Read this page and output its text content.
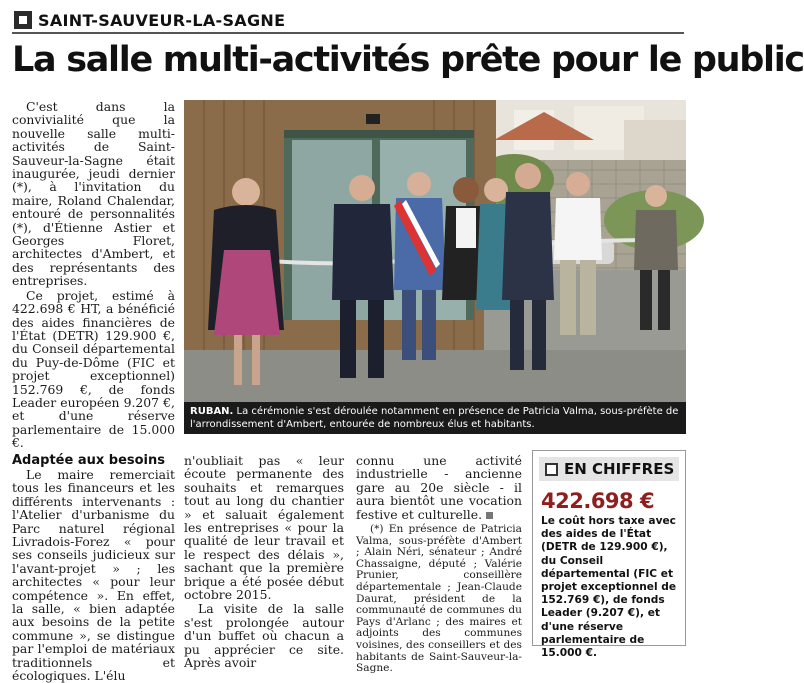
SAINT-SAUVEUR-LA-SAGNE
La salle multi-activités prête pour le public

C'est dans la convivialité que la nouvelle salle multi-activités de Saint-Sauveur-la-Sagne était inaugurée, jeudi dernier (*), à l'invitation du maire, Roland Chalendar, entouré de personnalités (*), d'Étienne Astier et Georges Floret, architectes d'Ambert, et des représentants des entreprises.

Ce projet, estimé à 422.698 € HT, a bénéficié des aides financières de l'État (DETR) 129.900 €, du Conseil départemental du Puy-de-Dôme (FIC et projet exceptionnel) 152.769 €, de fonds Leader européen 9.207 €, et d'une réserve parlementaire de 15.000 €.

Adaptée aux besoins

Le maire remerciait tous les financeurs et les différents intervenants : l'Atelier d'urbanisme du Parc naturel régional Livradois-Forez « pour ses conseils judicieux sur l'avant-projet » ; les architectes « pour leur compétence ». En effet, la salle, « bien adaptée aux besoins de la petite commune », se distingue par l'emploi de matériaux traditionnels et écologiques. L'élu

RUBAN. La cérémonie s'est déroulée notamment en présence de Patricia Valma, sous-préfète de l'arrondissement d'Ambert, entourée de nombreux élus et habitants.

n'oubliait pas « leur écoute permanente des souhaits et remarques tout au long du chantier » et saluait également les entreprises « pour la qualité de leur travail et le respect des délais », sachant que la première brique a été posée début octobre 2015.

La visite de la salle s'est prolongée autour d'un buffet où chacun a pu apprécier ce site. Après avoir

connu une activité industrielle - ancienne gare au 20e siècle - il aura bientôt une vocation festive et culturelle.

(*) En présence de Patricia Valma, sous-préfète d'Ambert ; Alain Néri, sénateur ; André Chassaigne, député ; Valérie Prunier, conseillère départementale ; Jean-Claude Daurat, président de la communauté de communes du Pays d'Arlanc ; des maires et adjoints des communes voisines, des conseillers et des habitants de Saint-Sauveur-la-Sagne.

EN CHIFFRES
422.698 €
Le coût hors taxe avec des aides de l'État (DETR de 129.900 €), du Conseil départemental (FIC et projet exceptionnel de 152.769 €), de fonds Leader (9.207 €), et d'une réserve parlementaire de 15.000 €.
